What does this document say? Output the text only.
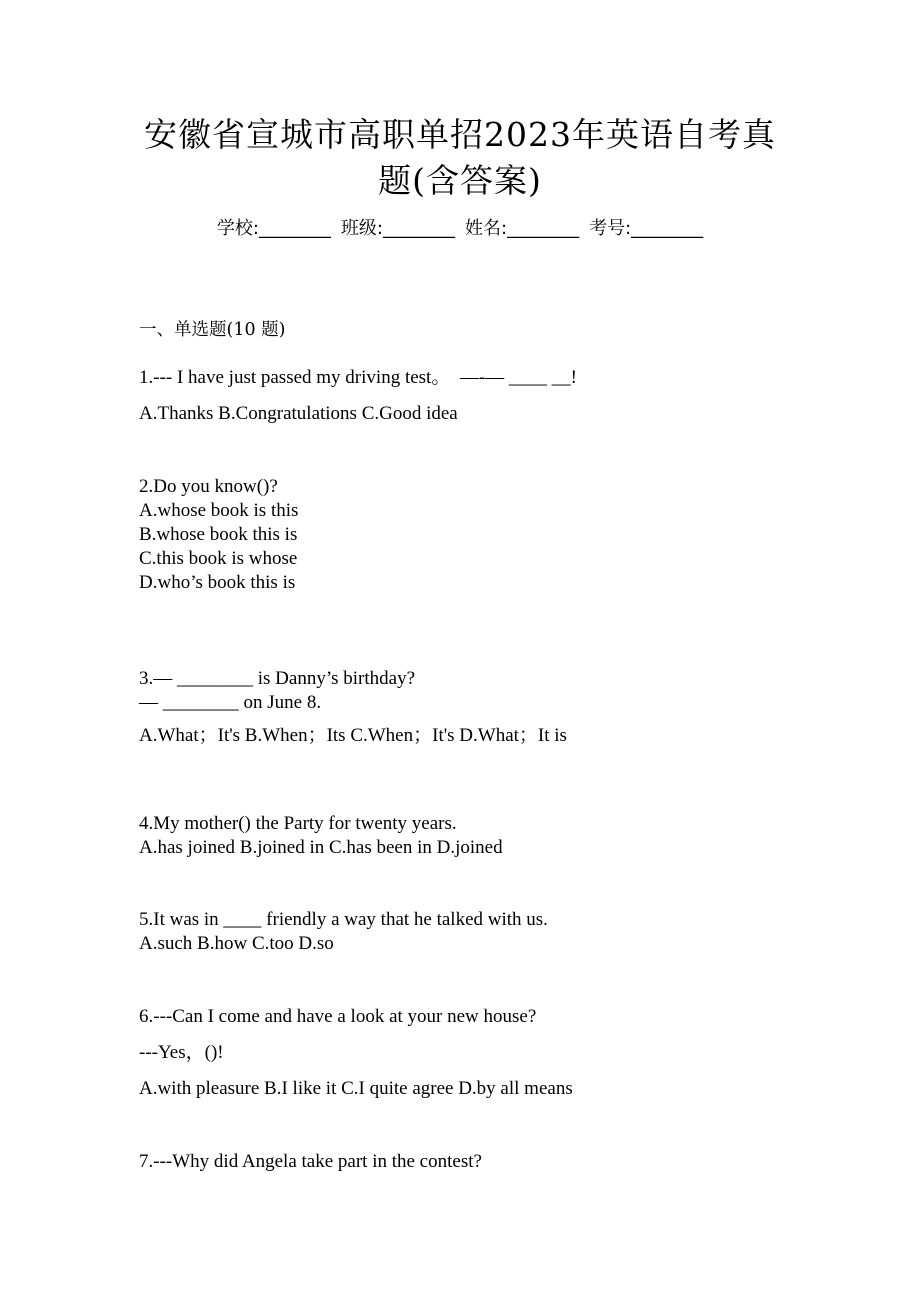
安徽省宣城市高职单招2023年英语自考真
题(含答案)
学校:________ 班级:________ 姓名:________ 考号:________
一、单选题(10 题)
1.--- I have just passed my driving test。  —-— ____ __!
A.Thanks B.Congratulations C.Good idea
2.Do you know()?
A.whose book is this
B.whose book this is
C.this book is whose
D.who’s book this is
3.— ________ is Danny’s birthday?
— ________ on June 8.
A.What；It's B.When；Its C.When；It's D.What；It is
4.My mother() the Party for twenty years.
A.has joined B.joined in C.has been in D.joined
5.It was in ____ friendly a way that he talked with us.
A.such B.how C.too D.so
6.---Can I come and have a look at your new house?
---Yes，()!
A.with pleasure B.I like it C.I quite agree D.by all means
7.---Why did Angela take part in the contest?
